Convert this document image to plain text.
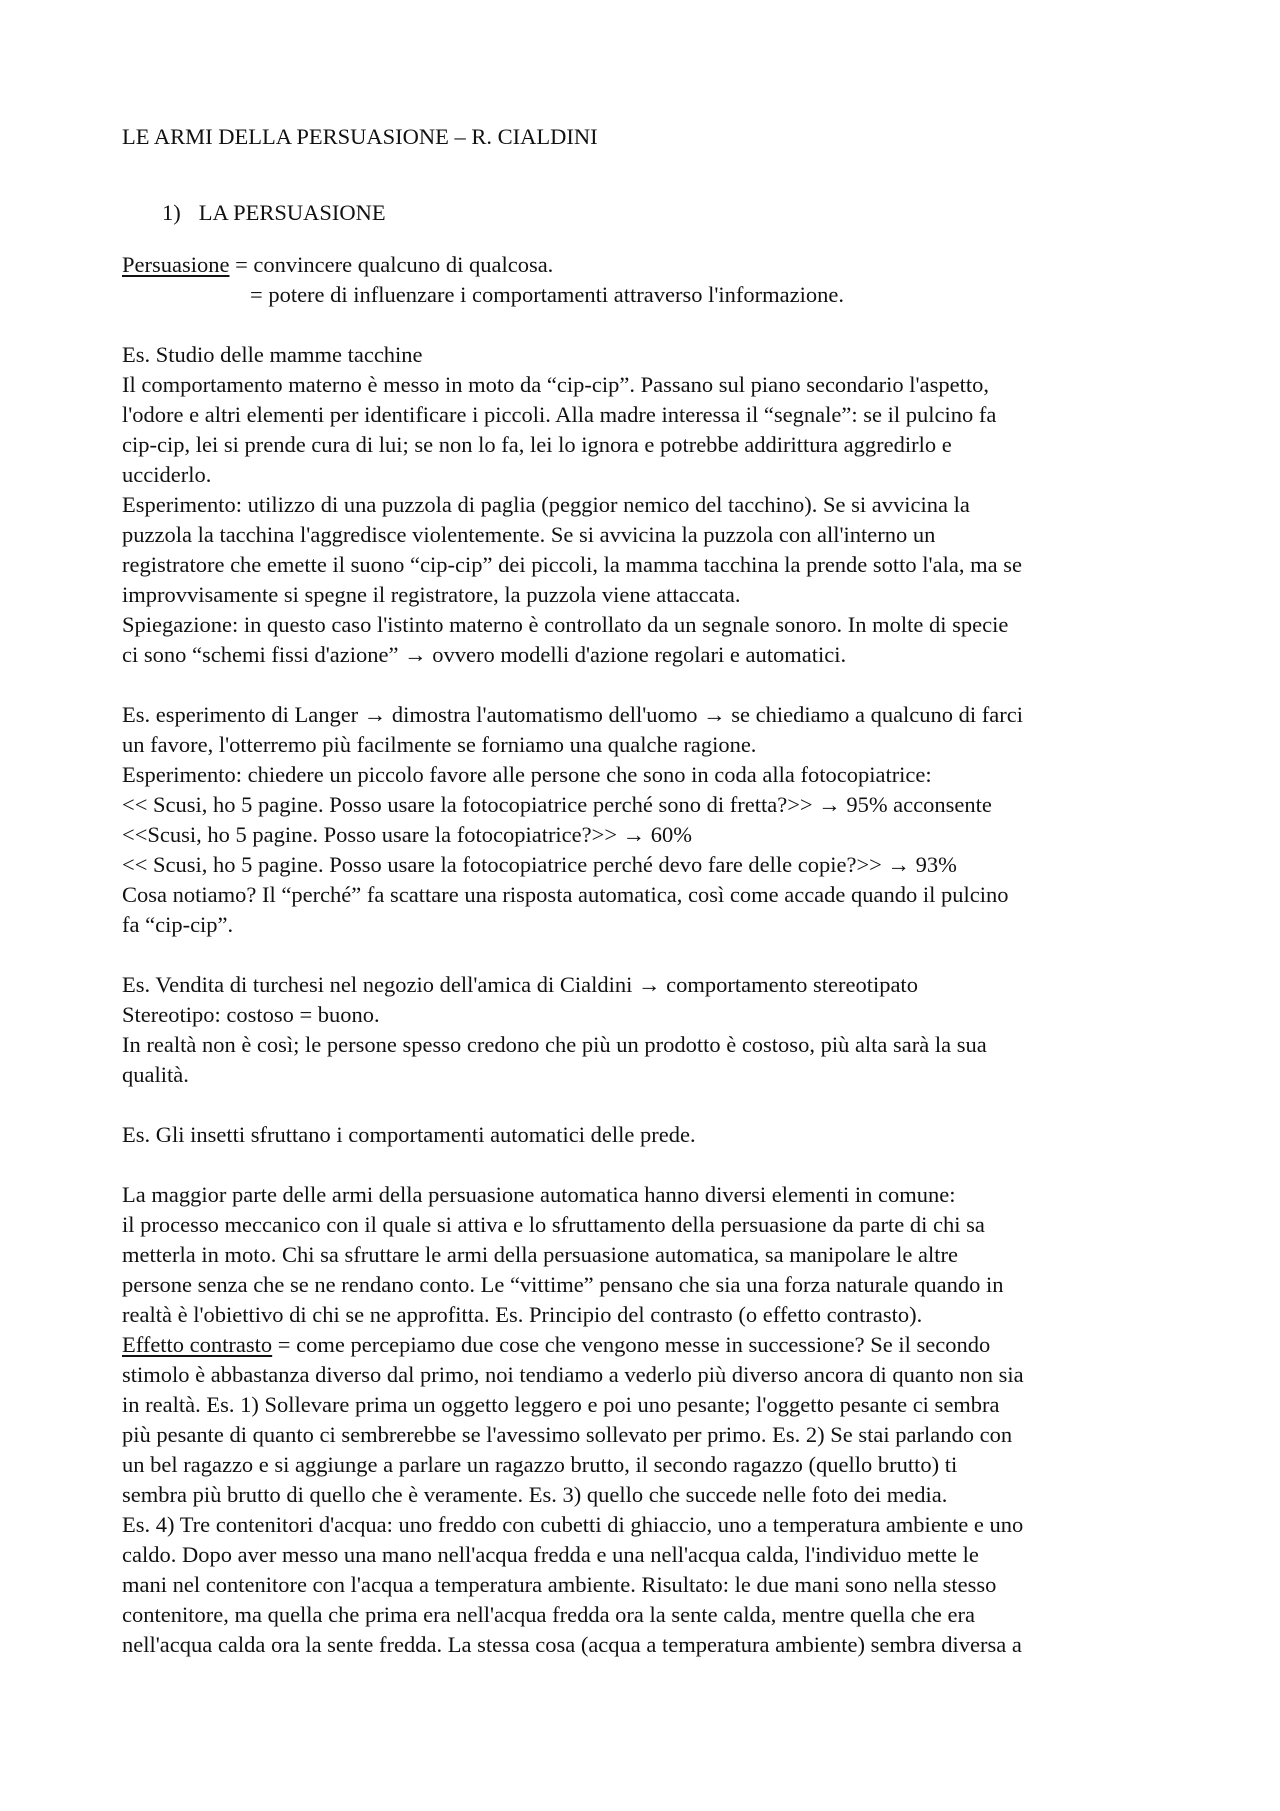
LE ARMI DELLA PERSUASIONE – R. CIALDINI
1) LA PERSUASIONE
Persuasione = convincere qualcuno di qualcosa.
= potere di influenzare i comportamenti attraverso l'informazione.
Es. Studio delle mamme tacchine
Il comportamento materno è messo in moto da “cip-cip”. Passano sul piano secondario l'aspetto,
l'odore e altri elementi per identificare i piccoli. Alla madre interessa il “segnale”: se il pulcino fa
cip-cip, lei si prende cura di lui; se non lo fa, lei lo ignora e potrebbe addirittura aggredirlo e
ucciderlo.
Esperimento: utilizzo di una puzzola di paglia (peggior nemico del tacchino). Se si avvicina la
puzzola la tacchina l'aggredisce violentemente. Se si avvicina la puzzola con all'interno un
registratore che emette il suono “cip-cip” dei piccoli, la mamma tacchina la prende sotto l'ala, ma se
improvvisamente si spegne il registratore, la puzzola viene attaccata.
Spiegazione: in questo caso l'istinto materno è controllato da un segnale sonoro. In molte di specie
ci sono “schemi fissi d'azione” → ovvero modelli d'azione regolari e automatici.
Es. esperimento di Langer → dimostra l'automatismo dell'uomo → se chiediamo a qualcuno di farci
un favore, l'otterremo più facilmente se forniamo una qualche ragione.
Esperimento: chiedere un piccolo favore alle persone che sono in coda alla fotocopiatrice:
<< Scusi, ho 5 pagine. Posso usare la fotocopiatrice perché sono di fretta?>> → 95% acconsente
<<Scusi, ho 5 pagine. Posso usare la fotocopiatrice?>> → 60%
<< Scusi, ho 5 pagine. Posso usare la fotocopiatrice perché devo fare delle copie?>> → 93%
Cosa notiamo? Il “perché” fa scattare una risposta automatica, così come accade quando il pulcino
fa “cip-cip”.
Es. Vendita di turchesi nel negozio dell'amica di Cialdini → comportamento stereotipato
Stereotipo: costoso = buono.
In realtà non è così; le persone spesso credono che più un prodotto è costoso, più alta sarà la sua
qualità.
Es. Gli insetti sfruttano i comportamenti automatici delle prede.
La maggior parte delle armi della persuasione automatica hanno diversi elementi in comune:
il processo meccanico con il quale si attiva e lo sfruttamento della persuasione da parte di chi sa
metterla in moto. Chi sa sfruttare le armi della persuasione automatica, sa manipolare le altre
persone senza che se ne rendano conto. Le “vittime” pensano che sia una forza naturale quando in
realtà è l'obiettivo di chi se ne approfitta. Es. Principio del contrasto (o effetto contrasto).
Effetto contrasto = come percepiamo due cose che vengono messe in successione? Se il secondo
stimolo è abbastanza diverso dal primo, noi tendiamo a vederlo più diverso ancora di quanto non sia
in realtà. Es. 1) Sollevare prima un oggetto leggero e poi uno pesante; l'oggetto pesante ci sembra
più pesante di quanto ci sembrerebbe se l'avessimo sollevato per primo. Es. 2) Se stai parlando con
un bel ragazzo e si aggiunge a parlare un ragazzo brutto, il secondo ragazzo (quello brutto) ti
sembra più brutto di quello che è veramente. Es. 3) quello che succede nelle foto dei media.
Es. 4) Tre contenitori d'acqua: uno freddo con cubetti di ghiaccio, uno a temperatura ambiente e uno
caldo. Dopo aver messo una mano nell'acqua fredda e una nell'acqua calda, l'individuo mette le
mani nel contenitore con l'acqua a temperatura ambiente. Risultato: le due mani sono nella stesso
contenitore, ma quella che prima era nell'acqua fredda ora la sente calda, mentre quella che era
nell'acqua calda ora la sente fredda. La stessa cosa (acqua a temperatura ambiente) sembra diversa a
